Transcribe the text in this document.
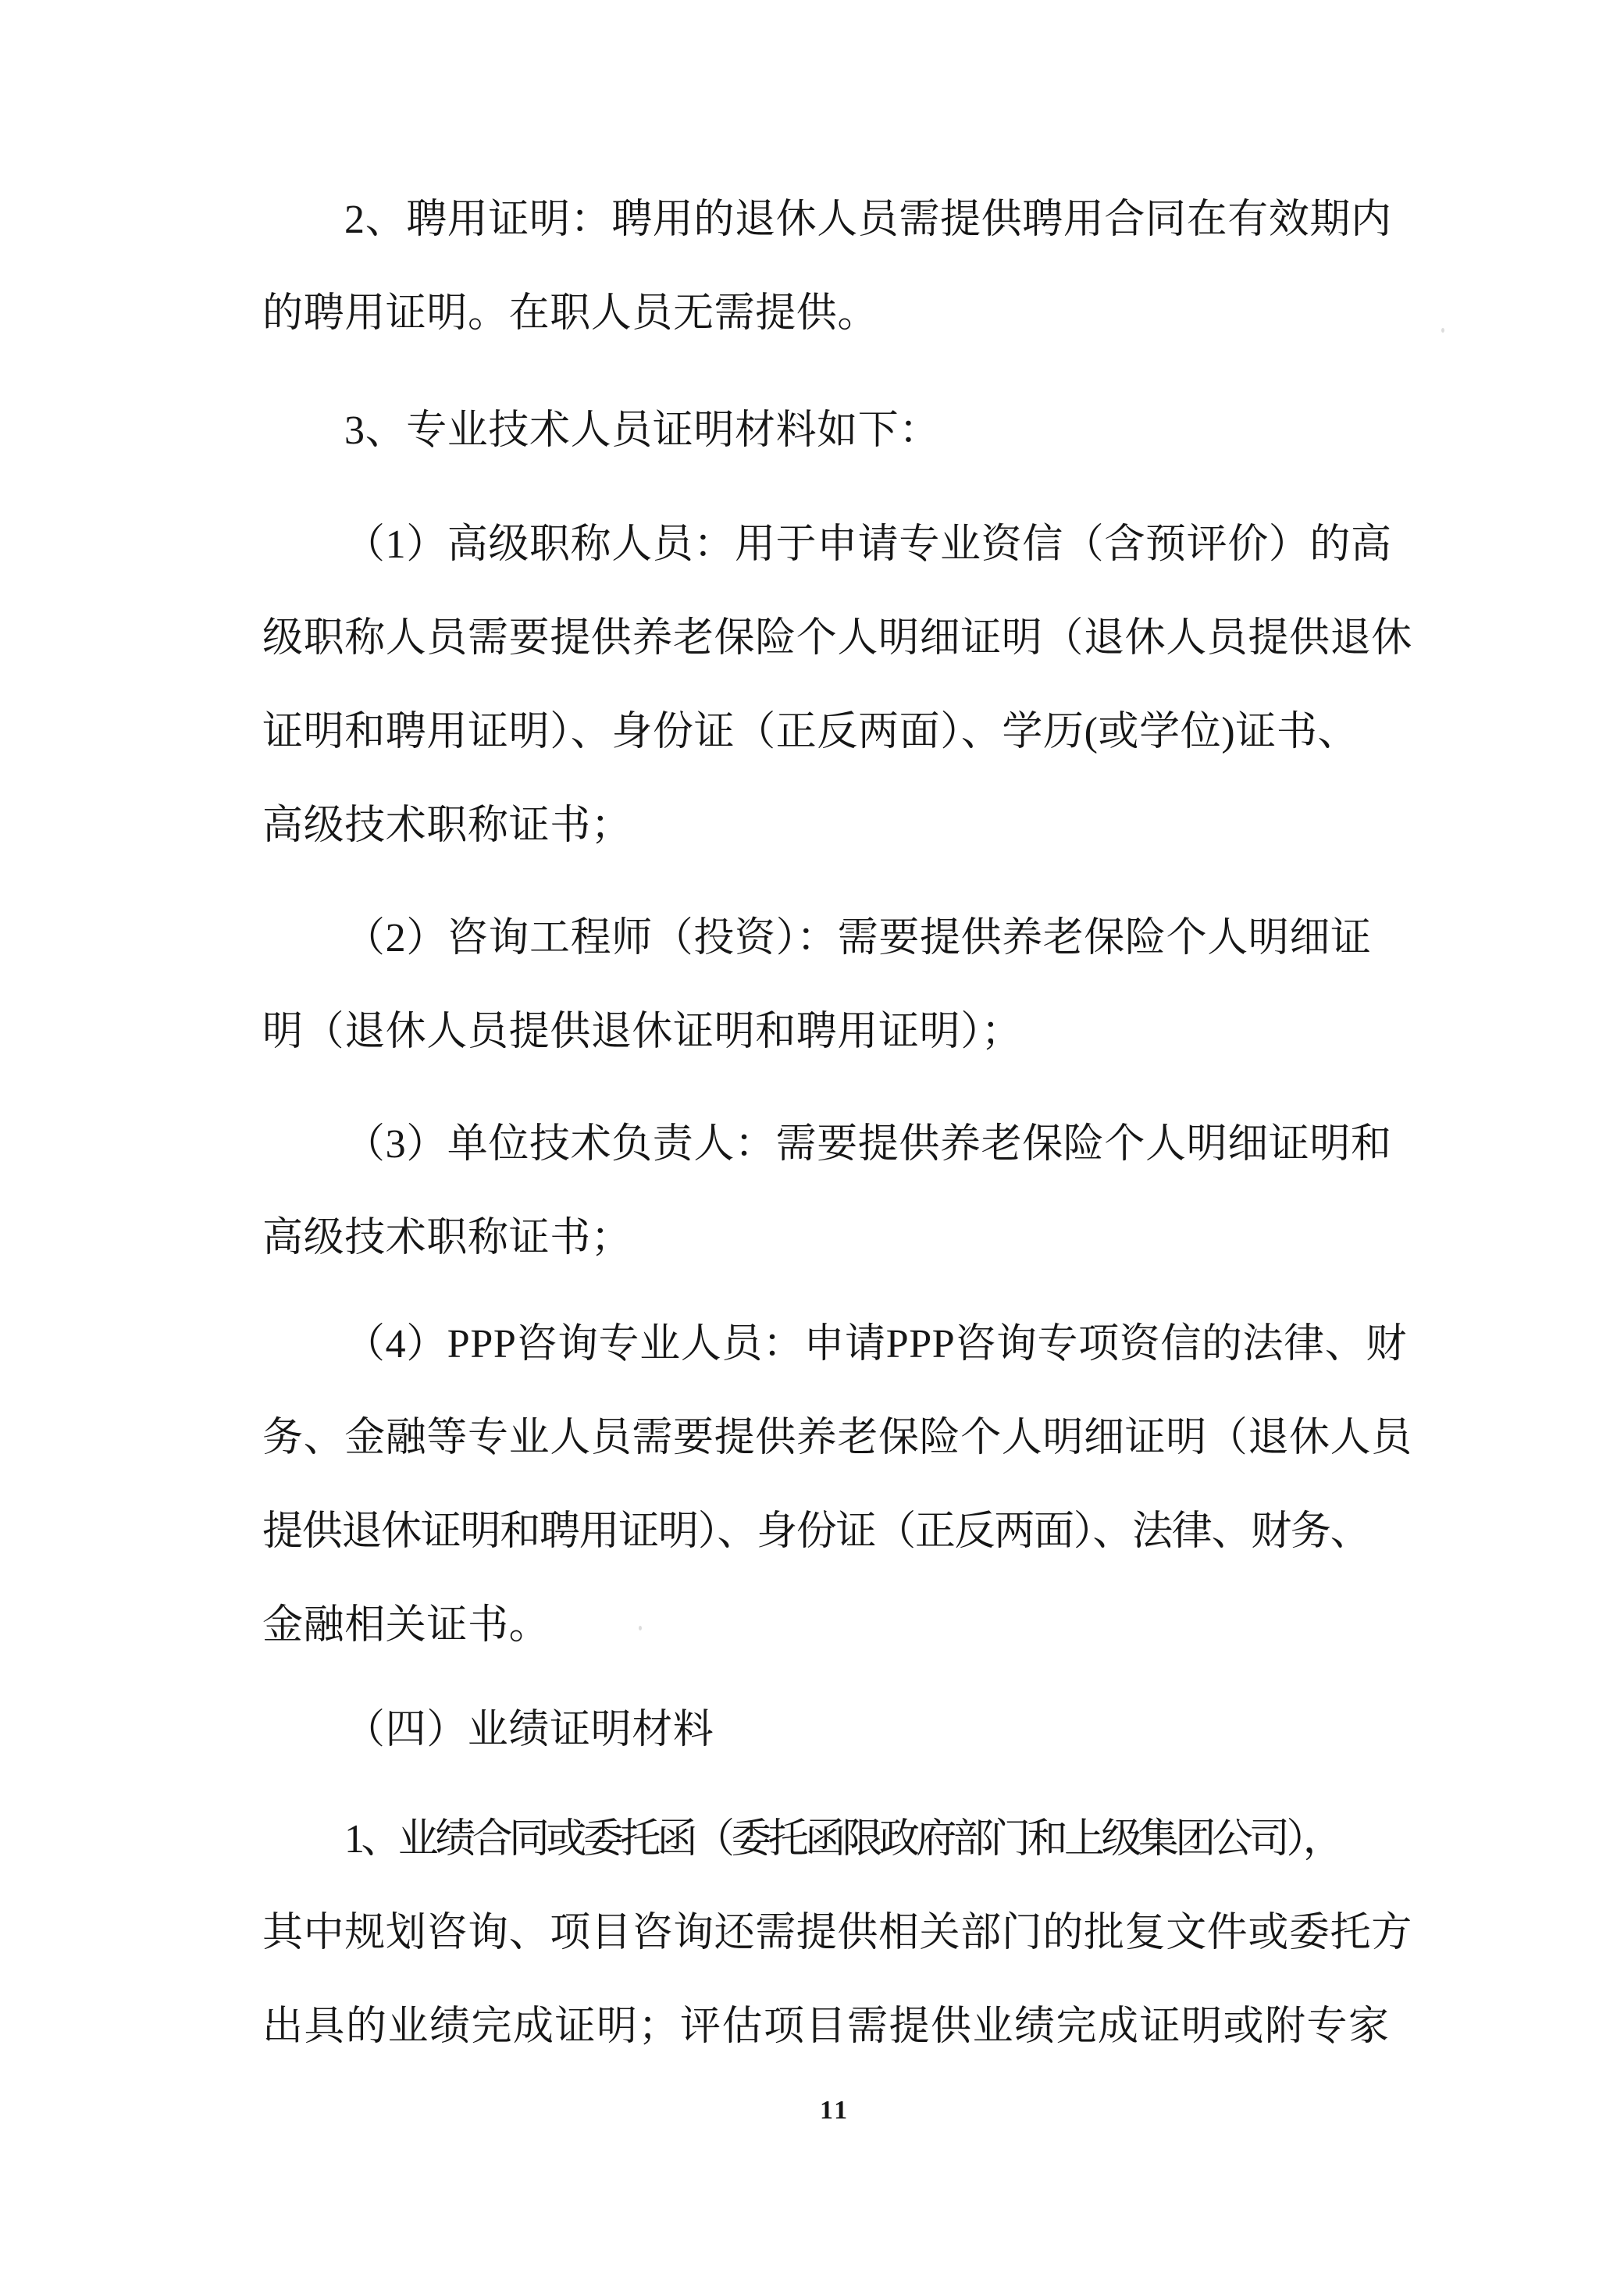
2、聘用证明：聘用的退休人员需提供聘用合同在有效期内
的聘用证明。在职人员无需提供。
3、专业技术人员证明材料如下：
（1）高级职称人员：用于申请专业资信（含预评价）的高
级职称人员需要提供养老保险个人明细证明（退休人员提供退休
证明和聘用证明）、身份证（正反两面）、学历(或学位)证书、
高级技术职称证书；
（2）咨询工程师（投资）：需要提供养老保险个人明细证
明（退休人员提供退休证明和聘用证明）；
（3）单位技术负责人：需要提供养老保险个人明细证明和
高级技术职称证书；
（4）PPP咨询专业人员：申请PPP咨询专项资信的法律、财
务、金融等专业人员需要提供养老保险个人明细证明（退休人员
提供退休证明和聘用证明）、身份证（正反两面）、法律、财务、
金融相关证书。
（四）业绩证明材料
1、业绩合同或委托函（委托函限政府部门和上级集团公司），
其中规划咨询、项目咨询还需提供相关部门的批复文件或委托方
出具的业绩完成证明；评估项目需提供业绩完成证明或附专家
11
